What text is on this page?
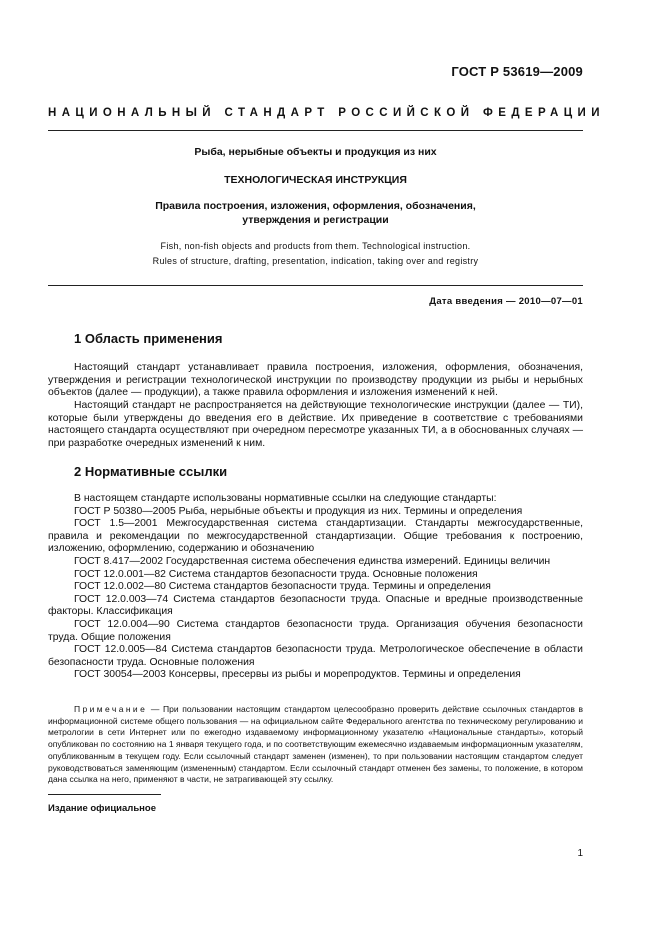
ГОСТ Р 53619—2009
НАЦИОНАЛЬНЫЙ СТАНДАРТ РОССИЙСКОЙ ФЕДЕРАЦИИ
Рыба, нерыбные объекты и продукция из них
ТЕХНОЛОГИЧЕСКАЯ ИНСТРУКЦИЯ
Правила построения, изложения, оформления, обозначения,
утверждения и регистрации
Fish, non-fish objects and products from them. Technological instruction.
Rules of structure, drafting, presentation, indication, taking over and registry
Дата введения — 2010—07—01
1 Область применения
Настоящий стандарт устанавливает правила построения, изложения, оформления, обозначения, утверждения и регистрации технологической инструкции по производству продукции из рыбы и нерыбных объектов (далее — продукции), а также правила оформления и изложения изменений к ней.
Настоящий стандарт не распространяется на действующие технологические инструкции (далее — ТИ), которые были утверждены до введения его в действие. Их приведение в соответствие с требованиями настоящего стандарта осуществляют при очередном пересмотре указанных ТИ, а в обоснованных случаях — при разработке очередных изменений к ним.
2 Нормативные ссылки
В настоящем стандарте использованы нормативные ссылки на следующие стандарты:
ГОСТ Р 50380—2005 Рыба, нерыбные объекты и продукция из них. Термины и определения
ГОСТ 1.5—2001 Межгосударственная система стандартизации. Стандарты межгосударственные, правила и рекомендации по межгосударственной стандартизации. Общие требования к построению, изложению, оформлению, содержанию и обозначению
ГОСТ 8.417—2002 Государственная система обеспечения единства измерений. Единицы величин
ГОСТ 12.0.001—82 Система стандартов безопасности труда. Основные положения
ГОСТ 12.0.002—80 Система стандартов безопасности труда. Термины и определения
ГОСТ 12.0.003—74 Система стандартов безопасности труда. Опасные и вредные производственные факторы. Классификация
ГОСТ 12.0.004—90 Система стандартов безопасности труда. Организация обучения безопасности труда. Общие положения
ГОСТ 12.0.005—84 Система стандартов безопасности труда. Метрологическое обеспечение в области безопасности труда. Основные положения
ГОСТ 30054—2003 Консервы, пресервы из рыбы и морепродуктов. Термины и определения
Примечание — При пользовании настоящим стандартом целесообразно проверить действие ссылочных стандартов в информационной системе общего пользования — на официальном сайте Федерального агентства по техническому регулированию и метрологии в сети Интернет или по ежегодно издаваемому информационному указателю «Национальные стандарты», который опубликован по состоянию на 1 января текущего года, и по соответствующим ежемесячно издаваемым информационным указателям, опубликованным в текущем году. Если ссылочный стандарт заменен (изменен), то при пользовании настоящим стандартом следует руководствоваться заменяющим (измененным) стандартом. Если ссылочный стандарт отменен без замены, то положение, в котором дана ссылка на него, применяют в части, не затрагивающей эту ссылку.
Издание официальное
1
